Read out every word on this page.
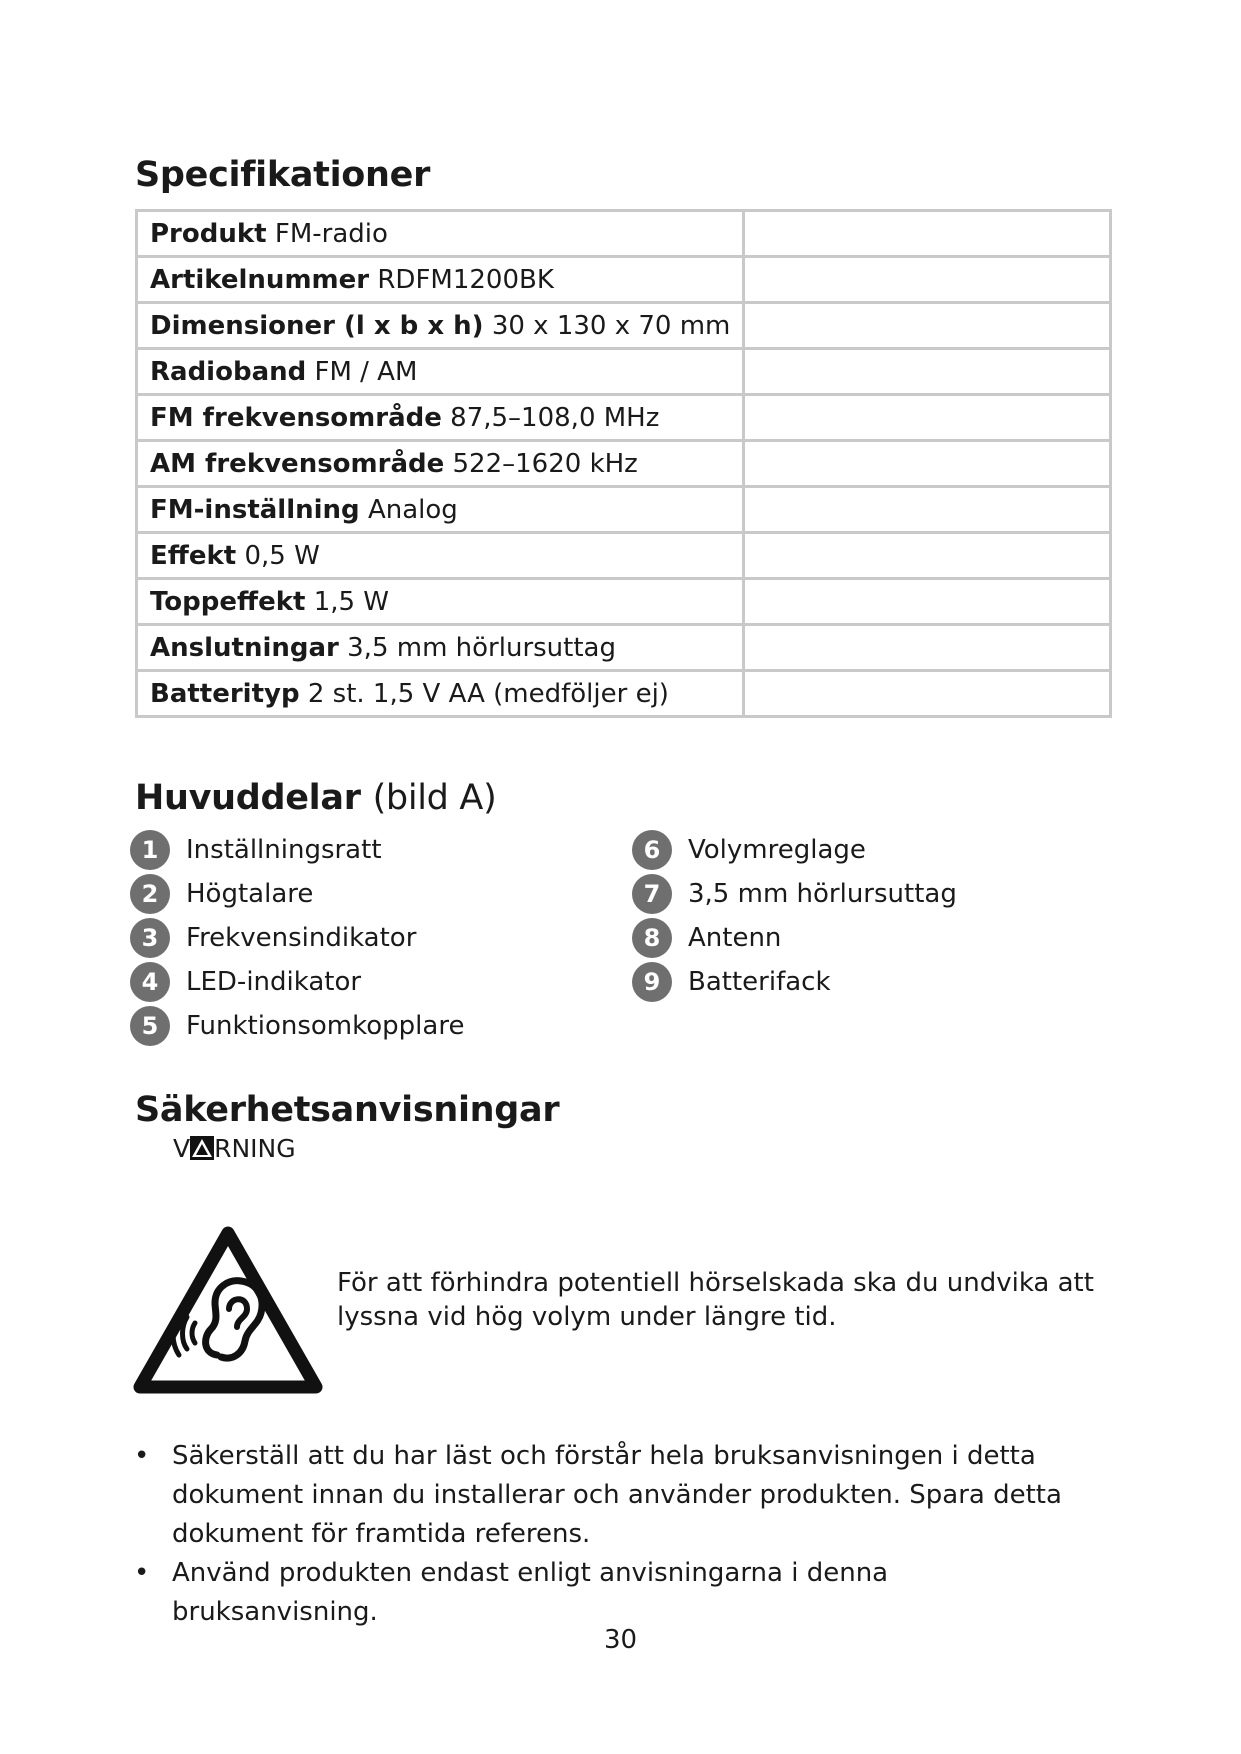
Specifikationer
Produkt FM-radio	
Artikelnummer RDFM1200BK	
Dimensioner (l x b x h) 30 x 130 x 70 mm	
Radioband FM / AM	
FM frekvensområde 87,5–108,0 MHz	
AM frekvensområde 522–1620 kHz	
FM-inställning Analog	
Effekt 0,5 W	
Toppeffekt 1,5 W	
Anslutningar 3,5 mm hörlursuttag	
Batterityp 2 st. 1,5 V AA (medföljer ej)	
Huvuddelar (bild A)
1	Inställningsratt
2	Högtalare
3	Frekvensindikator
4	LED-indikator
5	Funktionsomkopplare
6	Volymreglage
7	3,5 mm hörlursuttag
8	Antenn
9	Batterifack
Säkerhetsanvisningar
V RNING
För att förhindra potentiell hörselskada ska du undvika att lyssna vid hög volym under längre tid.
• Säkerställ att du har läst och förstår hela bruksanvisningen i detta dokument innan du installerar och använder produkten. Spara detta dokument för framtida referens.
• Använd produkten endast enligt anvisningarna i denna bruksanvisning.
30
